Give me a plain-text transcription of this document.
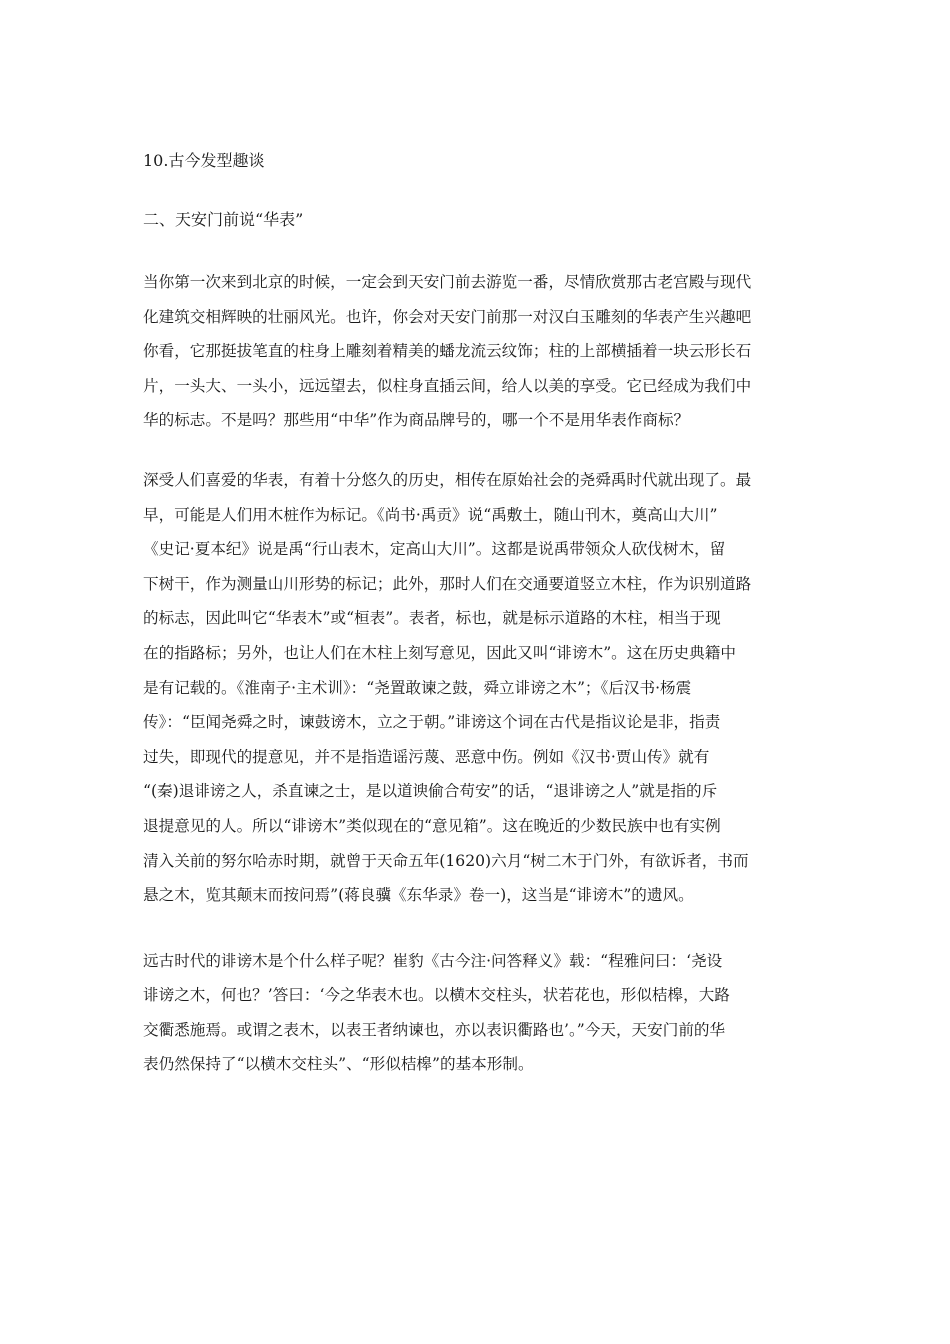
10.古今发型趣谈

二、天安门前说“华表”

当你第一次来到北京的时候，一定会到天安门前去游览一番，尽情欣赏那古老宫殿与现代
化建筑交相辉映的壮丽风光。也许，你会对天安门前那一对汉白玉雕刻的华表产生兴趣吧
你看，它那挺拔笔直的柱身上雕刻着精美的蟠龙流云纹饰；柱的上部横插着一块云形长石
片，一头大、一头小，远远望去，似柱身直插云间，给人以美的享受。它已经成为我们中
华的标志。不是吗？那些用“中华”作为商品牌号的，哪一个不是用华表作商标？
深受人们喜爱的华表，有着十分悠久的历史，相传在原始社会的尧舜禹时代就出现了。最
早，可能是人们用木桩作为标记。《尚书·禹贡》说“禹敷土，随山刊木，奠高山大川”
《史记·夏本纪》说是禹“行山表木，定高山大川”。这都是说禹带领众人砍伐树木，留
下树干，作为测量山川形势的标记；此外，那时人们在交通要道竖立木柱，作为识别道路
的标志，因此叫它“华表木”或“桓表”。表者，标也，就是标示道路的木柱，相当于现
在的指路标；另外，也让人们在木柱上刻写意见，因此又叫“诽谤木”。这在历史典籍中
是有记载的。《淮南子·主术训》：“尧置敢谏之鼓，舜立诽谤之木”；《后汉书·杨震
传》：“臣闻尧舜之时，谏鼓谤木，立之于朝。”诽谤这个词在古代是指议论是非，指责
过失，即现代的提意见，并不是指造谣污蔑、恶意中伤。例如《汉书·贾山传》就有
“(秦)退诽谤之人，杀直谏之士，是以道谀偷合苟安”的话，“退诽谤之人”就是指的斥
退提意见的人。所以“诽谤木”类似现在的“意见箱”。这在晚近的少数民族中也有实例
清入关前的努尔哈赤时期，就曾于天命五年(1620)六月“树二木于门外，有欲诉者，书而
悬之木，览其颠末而按问焉”(蒋良骥《东华录》卷一)，这当是“诽谤木”的遗风。
远古时代的诽谤木是个什么样子呢？崔豹《古今注·问答释义》载：“程雅问曰：‘尧设
诽谤之木，何也？’答曰：‘今之华表木也。以横木交柱头，状若花也，形似桔槔，大路
交衢悉施焉。或谓之表木，以表王者纳谏也，亦以表识衢路也’。”今天，天安门前的华
表仍然保持了“以横木交柱头”、“形似桔槔”的基本形制。
